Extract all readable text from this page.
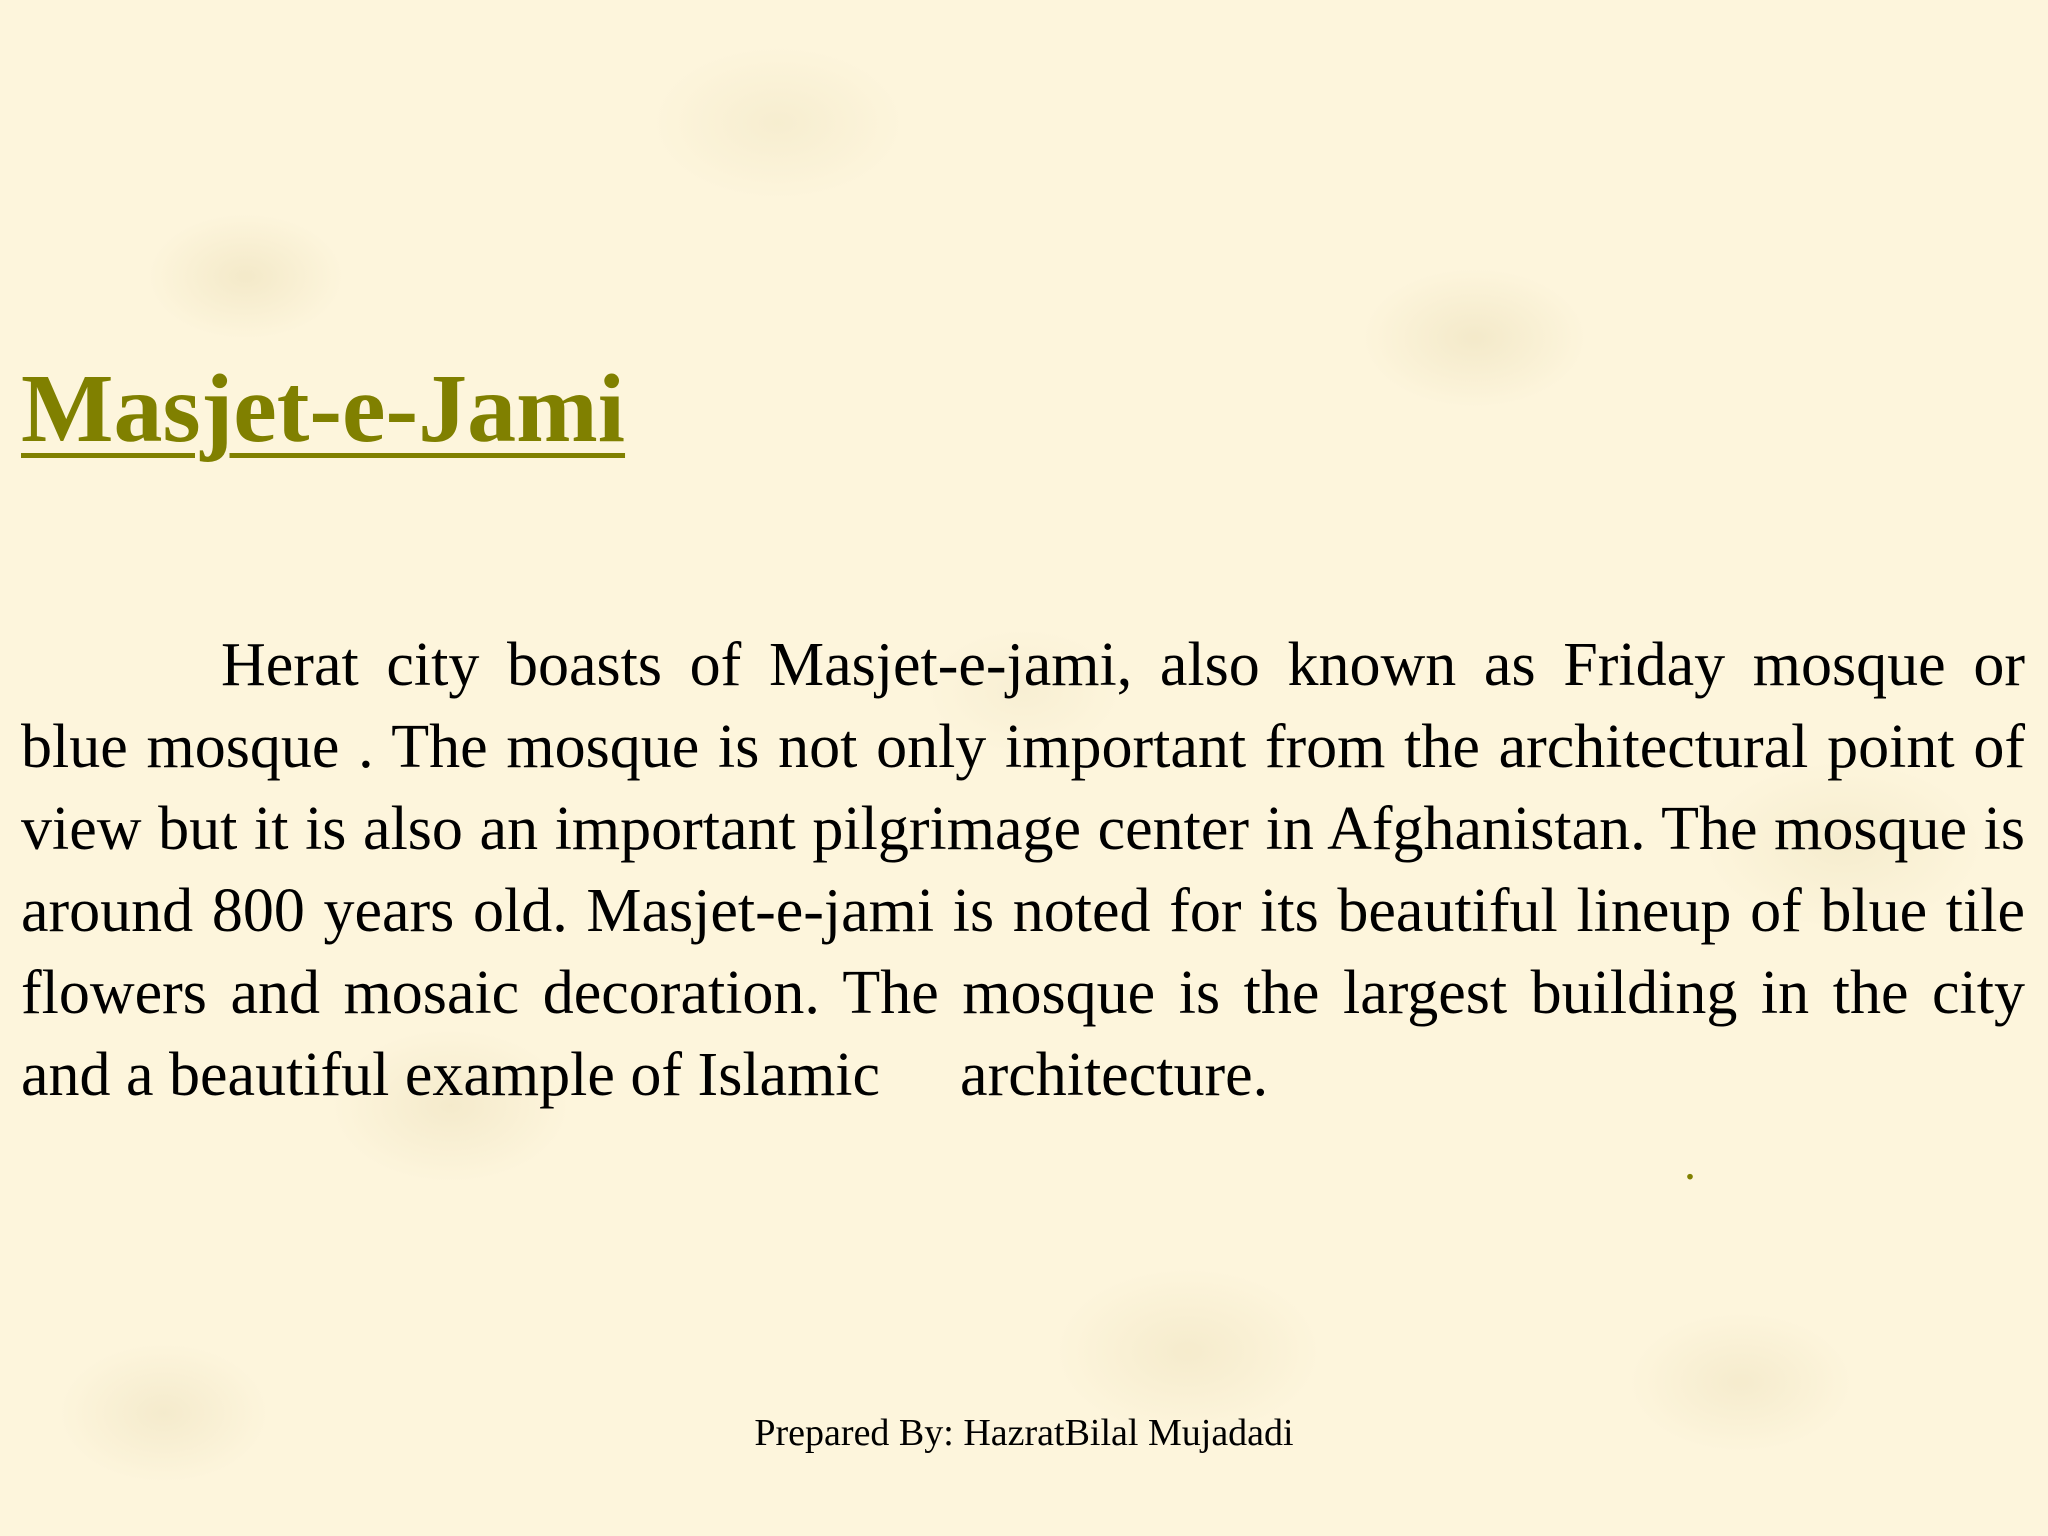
Masjet-e-Jami

Herat city boasts of Masjet-e-jami, also known as Friday mosque or blue mosque . The mosque is not only important from the architectural point of view but it is also an important pilgrimage center in Afghanistan. The mosque is around 800 years old. Masjet-e-jami is noted for its beautiful lineup of blue tile flowers and mosaic decoration. The mosque is the largest building in the city and a beautiful example of Islamic architecture.

.
Prepared By: HazratBilal Mujadadi
